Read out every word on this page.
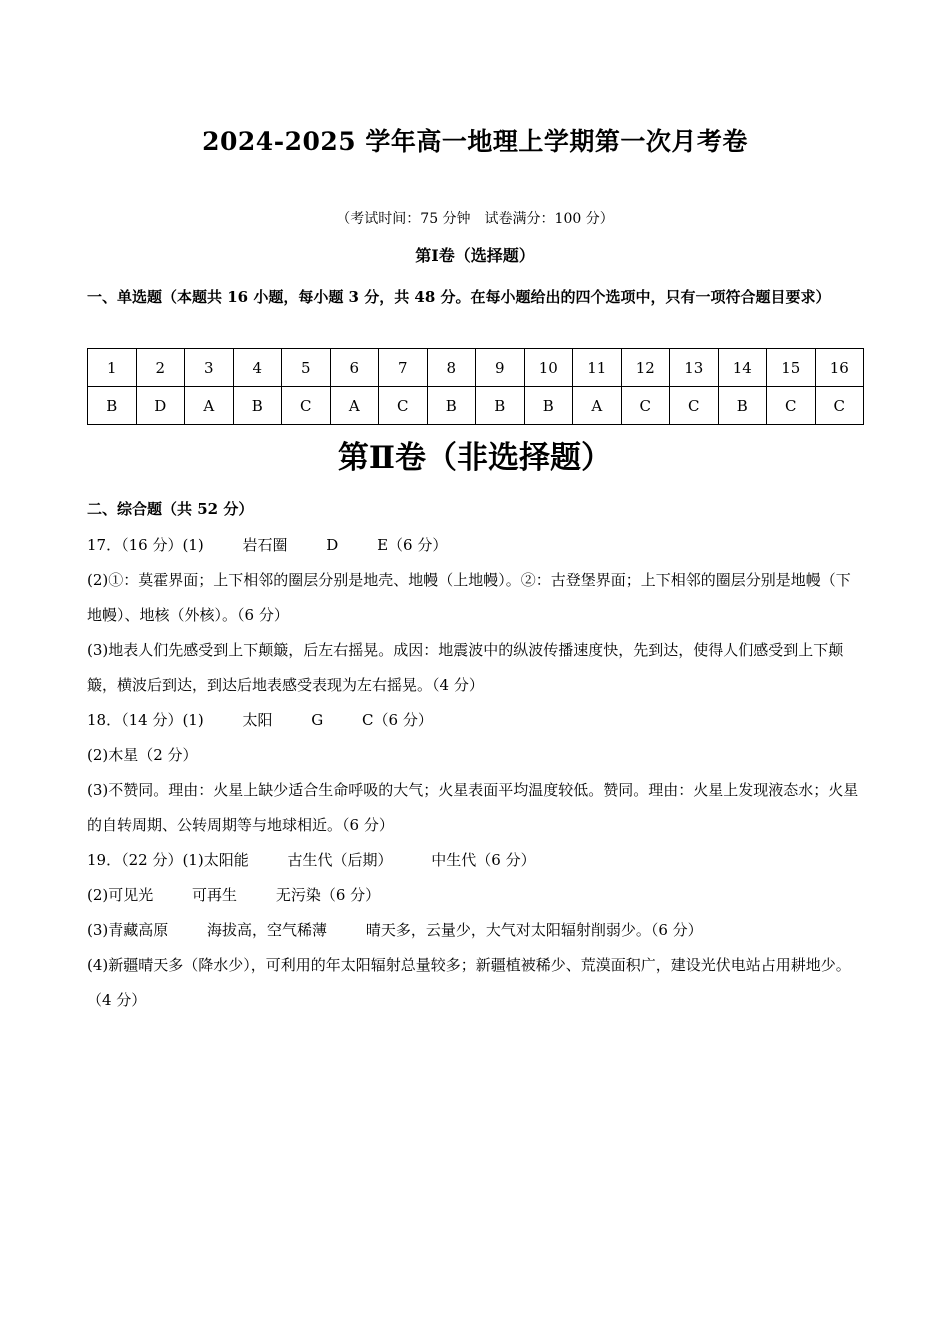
2024-2025 学年高一地理上学期第一次月考卷
（考试时间：75 分钟　试卷满分：100 分）
第Ⅰ卷（选择题）
一、单选题（本题共 16 小题，每小题 3 分，共 48 分。在每小题给出的四个选项中，只有一项符合题目要求）
1	2	3	4	5	6	7	8	9	10	11	12	13	14	15	16
B	D	A	B	C	A	C	B	B	B	A	C	C	B	C	C
第Ⅱ卷（非选择题）
二、综合题（共 52 分）

17．（16 分）(1)	岩石圈	D	E（6 分）

(2)①：莫霍界面；上下相邻的圈层分别是地壳、地幔（上地幔）。②：古登堡界面；上下相邻的圈层分别是地幔（下地幔）、地核（外核）。（6 分）

(3)地表人们先感受到上下颠簸，后左右摇晃。成因：地震波中的纵波传播速度快，先到达，使得人们感受到上下颠簸，横波后到达，到达后地表感受表现为左右摇晃。（4 分）

18．（14 分）(1)	太阳	G	C（6 分）

(2)木星（2 分）

(3)不赞同。理由：火星上缺少适合生命呼吸的大气；火星表面平均温度较低。赞同。理由：火星上发现液态水；火星的自转周期、公转周期等与地球相近。（6 分）

19．（22 分）(1)太阳能	古生代（后期）	中生代（6 分）

(2)可见光	可再生	无污染（6 分）

(3)青藏高原	海拔高，空气稀薄	晴天多，云量少，大气对太阳辐射削弱少。（6 分）

(4)新疆晴天多（降水少），可利用的年太阳辐射总量较多；新疆植被稀少、荒漠面积广，建设光伏电站占用耕地少。（4 分）
